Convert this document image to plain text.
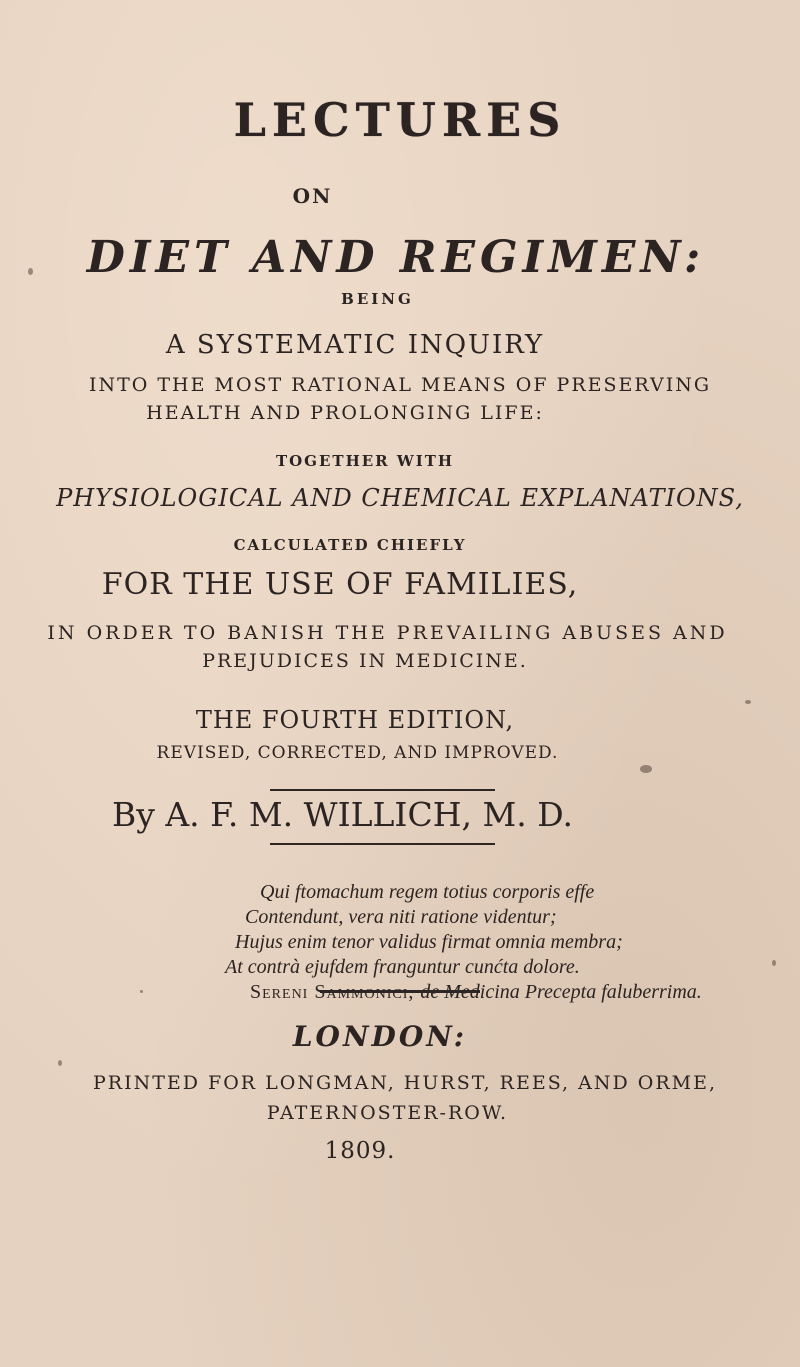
LECTURES
ON
DIET AND REGIMEN:
BEING
A SYSTEMATIC INQUIRY
INTO THE MOST RATIONAL MEANS OF PRESERVING
HEALTH AND PROLONGING LIFE:
TOGETHER WITH
PHYSIOLOGICAL AND CHEMICAL EXPLANATIONS,
CALCULATED CHIEFLY
FOR THE USE OF FAMILIES,
IN ORDER TO BANISH THE PREVAILING ABUSES AND
PREJUDICES IN MEDICINE.
THE FOURTH EDITION,
REVISED, CORRECTED, AND IMPROVED.
By A. F. M. WILLICH, M. D.
Qui ftomachum regem totius corporis effe
Contendunt, vera niti ratione videntur;
Hujus enim tenor validus firmat omnia membra;
At contrà ejufdem franguntur cunćta dolore.
Sereni Sammonici, de Medicina Precepta faluberrima.
LONDON:
PRINTED FOR LONGMAN, HURST, REES, AND ORME,
PATERNOSTER-ROW.
1809.
